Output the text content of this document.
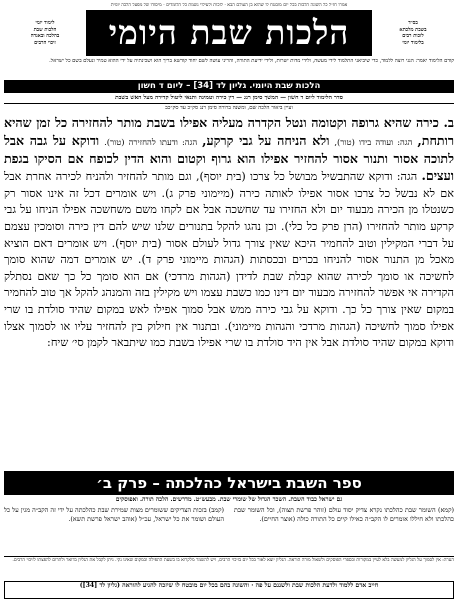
אמרו חז״ל כל השונה הלכות בכל יום מובטח לו שהוא בן העולם הבא · לזכות ולעילוי נשמת כל הלומדים · מיסודו של מפעל הלכה יומית
בס״ד
בשבת מלכתא
לזכות רבים
בלימוד יומי
הלכות שבת היומי
לימוד יומי
הלכות שבת
בהלכה ובאגדה
זיכוי הרבים
קודם הלימוד יאמר: הנני רוצה ללמוד, כדי שיביאני התלמוד לידי מעשה, ולידי מדות ישרות, ולידי ידיעת התורה, והריני עושה לשם יחוד קודשא בריך הוא ושכינתיה על ידי ההוא טמיר ונעלם בשם כל ישראל.
הלכות שבת היומי. גליון לד [34] – ליום ד חשון
סדר הלימוד ליום ד חשון — המשך סימן רנג — דין כירה וטמינה ותנאי ליטול קדירה מעל האש בשבת
ועיין ביאור הלכה שם, ומשנה ברורה סימן רנג סק״כ עד סק״כב
ב. כירה שהיא גרופה וקטומה ונטל הקדרה מעליה אפילו בשבת מותר להחזירה כל זמן שהיא רותחת, הגה: ועודה בידו (טור), ולא הניחה על גבי קרקע, הגה: ודעתו להחזירה (טור). ודוקא על גבה אבל לתוכה אסור ותנור אסור להחזיר אפילו הוא גרוף וקטום והוא הדין לכופח אם הסיקו בגפת ועצים. הגה: ודוקא שהתבשיל מבושל כל צרכו (בית יוסף), וגם מותר להחזיר ולהניח לכירה אחרת אבל אם לא נבשל כל צרכו אסור אפילו לאותה כירה (מיימוני פרק ג). ויש אומרים דכל זה אינו אסור רק כשנטלו מן הכירה מבעוד יום ולא החזירו עד שחשכה אבל אם לקחו משם משחשכה אפילו הניחו על גבי קרקע מותר להחזירו (הרן פרק כל כלי). וכן נהגו להקל בתנורים שלנו שיש להם דין כירה וסומכין עצמם על דברי המקילין וטוב להחמיר היכא שאין צורך גדול לעולם אסור (בית יוסף). ויש אומרים דאם הוציא מאכל מן התנור אסור להניחו בכרים ובכסתות (הגהות מיימוני פרק ד). יש אומרים דמה שהוא סומך לחשיכה או סומך לכירה שהוא קבלת שבת לדידן (הגהות מרדכי) אם הוא סומך כל כך שאם נסתלק הקדירה אי אפשר להחזירה מבעוד יום דינו כמו כשבת עצמו ויש מקילין בזה והמנהג להקל אך טוב להחמיר במקום שאין צורך כל כך. ודוקא על גבי כירה ממש אבל סמוך אפילו לאש במקום שהיד סולדת בו שרי אפילו סמוך לחשיכה (הגהות מרדכי והגהות מיימוני). ובתנור אין חילוק בין להחזיר עליו או לסמוך אצלו ודוקא במקום שהיד סולדת אבל אין היד סולדת בו שרי אפילו בשבת כמו שיתבאר לקמן סי׳ שיח:
ספר השבת בישראל כהלכתה – פרק ב׳
גם ישראל כבוד השבת. השכר הגדול של שומרי שבת. מבעש״ט. מדרשים. הלכה תורה. ואפוסקים
(קמא) השומר שבת כהלכתו נקרא צדיק יסוד עולם (זוהר פרשת תצוה), וכל השומר שבת כהלכתו ולא חיללו אומרים לו הקב״ה כאילו קיים כל התורה כולה (אוצר החיים).
(קמב) בזכות הצדיקים ששומרים מצות שמירת שבת כהלכתה על ידי זה הקב״ה מגין על כל העולם ושומר את כל ישראל, עכ״ל (אוהב ישראל פרשת תשא).
הערה: אין לסמוך על הגליון למעשה בלא לעיין במקורות ובספרי הפוסקים ולשאול מורה הוראה. הגליון יוצא לאור בכל יום בזיכוי הרבים, ויש להשמר מלקרוא בו בשעת התפילה ובמקום שאינו נקי. ניתן לקבל את הגליון בדואר ולתרום להפצתו לזיכוי הרבים.
חייב אדם ללמוד ולדעת הלכות שבת ולשננם על פה · והשונה בהם בכל יום מובטח לו שיזכה להגיע להוראה (גליון לד [34])
